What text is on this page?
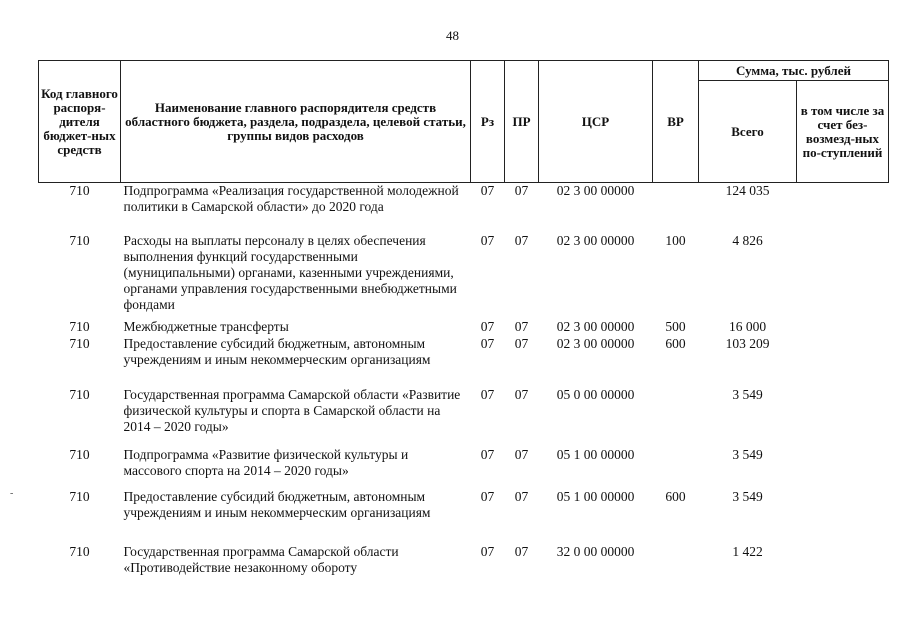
48
Код главного распоря-дителя бюджет-ных средств	Наименование главного распорядителя средств областного бюджета, раздела, подраздела, целевой статьи, группы видов расходов	Рз	ПР	ЦСР	ВР	Сумма, тыс. рублей	
						Всего	в том числе за счет без-возмезд-ных по-ступлений
710	Подпрограмма «Реализация государственной молодежной политики в Самарской области» до 2020 года	07	07	02 3 00 00000		124 035	
710	Расходы на выплаты персоналу в целях обеспечения выполнения функций государственными (муниципальными) органами, казенными учреждениями, органами управления государственными внебюджетными фондами	07	07	02 3 00 00000	100	4 826	
710	Межбюджетные трансферты	07	07	02 3 00 00000	500	16 000	
710	Предоставление субсидий бюджетным, автономным учреждениям и иным некоммерческим организациям	07	07	02 3 00 00000	600	103 209	
710	Государственная программа Самарской области «Развитие физической культуры и спорта в Самарской области на 2014 – 2020 годы»	07	07	05 0 00 00000		3 549	
710	Подпрограмма «Развитие физической культуры и массового спорта на 2014 – 2020 годы»	07	07	05 1 00 00000		3 549	
710	Предоставление субсидий бюджетным, автономным учреждениям и иным некоммерческим организациям	07	07	05 1 00 00000	600	3 549	
710	Государственная программа Самарской области «Противодействие незаконному обороту	07	07	32 0 00 00000		1 422	
-
